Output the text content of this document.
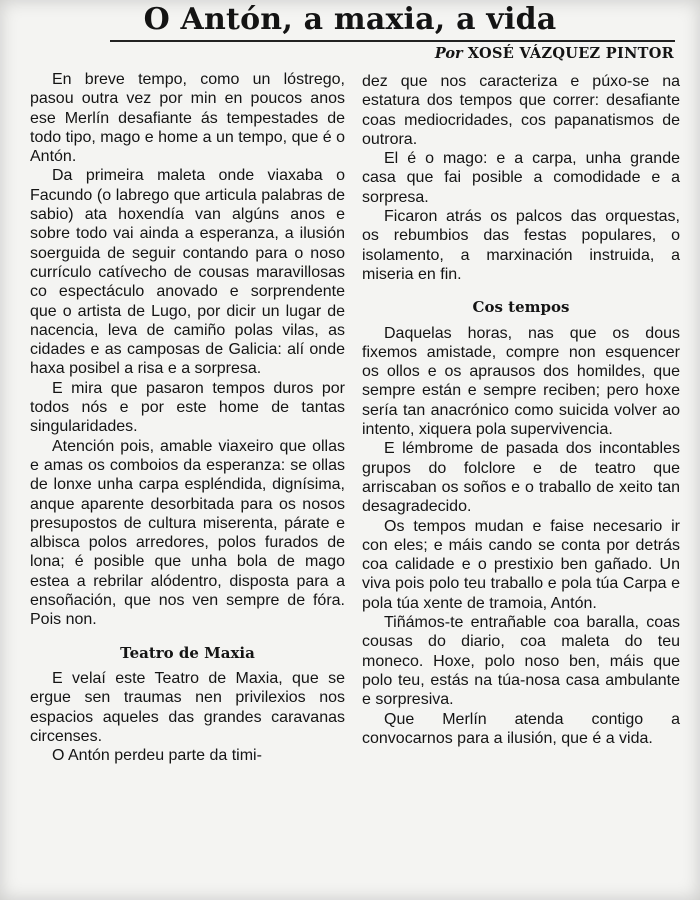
O Antón, a maxia, a vida
Por XOSÉ VÁZQUEZ PINTOR

En breve tempo, como un lóstrego, pasou outra vez por min en poucos anos ese Merlín desafiante ás tempestades de todo tipo, mago e home a un tempo, que é o Antón.

Da primeira maleta onde viaxaba o Facundo (o labrego que articula palabras de sabio) ata hoxendía van algúns anos e sobre todo vai ainda a esperanza, a ilusión soerguida de seguir contando para o noso currículo catívecho de cousas maravillosas co espectáculo anovado e sorprendente que o artista de Lugo, por dicir un lugar de nacencia, leva de camiño polas vilas, as cidades e as camposas de Galicia: alí onde haxa posibel a risa e a sorpresa.

E mira que pasaron tempos duros por todos nós e por este home de tantas singularidades.

Atención pois, amable viaxeiro que ollas e amas os comboios da esperanza: se ollas de lonxe unha carpa espléndida, dignísima, anque aparente desorbitada para os nosos presupostos de cultura miserenta, párate e albisca polos arredores, polos furados de lona; é posible que unha bola de mago estea a rebrilar alódentro, disposta para a ensoñación, que nos ven sempre de fóra. Pois non.

Teatro de Maxia

E velaí este Teatro de Maxia, que se ergue sen traumas nen privilexios nos espacios aqueles das grandes caravanas circenses.

O Antón perdeu parte da timi-

dez que nos caracteriza e púxo-se na estatura dos tempos que correr: desafiante coas mediocridades, cos papanatismos de outrora.

El é o mago: e a carpa, unha grande casa que fai posible a comodidade e a sorpresa.

Ficaron atrás os palcos das orquestas, os rebumbios das festas populares, o isolamento, a marxinación instruida, a miseria en fin.

Cos tempos

Daquelas horas, nas que os dous fixemos amistade, compre non esquencer os ollos e os aprausos dos homildes, que sempre están e sempre reciben; pero hoxe sería tan anacrónico como suicida volver ao intento, xiquera pola supervivencia.

E lémbrome de pasada dos incontables grupos do folclore e de teatro que arriscaban os soños e o traballo de xeito tan desagradecido.

Os tempos mudan e faise necesario ir con eles; e máis cando se conta por detrás coa calidade e o prestixio ben gañado. Un viva pois polo teu traballo e pola túa Carpa e pola túa xente de tramoia, Antón.

Tiñámos-te entrañable coa baralla, coas cousas do diario, coa maleta do teu moneco. Hoxe, polo noso ben, máis que polo teu, estás na túa-nosa casa ambulante e sorpresiva.

Que Merlín atenda contigo a convocarnos para a ilusión, que é a vida.
